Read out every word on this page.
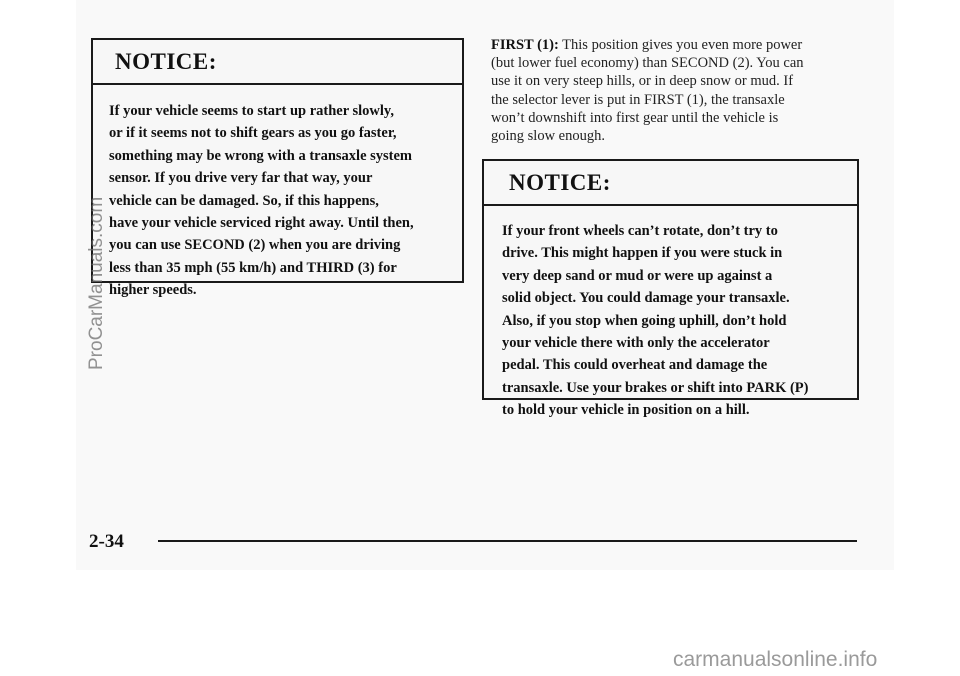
NOTICE:

If your vehicle seems to start up rather slowly,
or if it seems not to shift gears as you go faster,
something may be wrong with a transaxle system
sensor. If you drive very far that way, your
vehicle can be damaged. So, if this happens,
have your vehicle serviced right away. Until then,
you can use SECOND (2) when you are driving
less than 35 mph (55 km/h) and THIRD (3) for
higher speeds.

FIRST (1): This position gives you even more power
(but lower fuel economy) than SECOND (2). You can
use it on very steep hills, or in deep snow or mud. If
the selector lever is put in FIRST (1), the transaxle
won’t downshift into first gear until the vehicle is
going slow enough.

NOTICE:

If your front wheels can’t rotate, don’t try to
drive. This might happen if you were stuck in
very deep sand or mud or were up against a
solid object. You could damage your transaxle.
Also, if you stop when going uphill, don’t hold
your vehicle there with only the accelerator
pedal. This could overheat and damage the
transaxle. Use your brakes or shift into PARK (P)
to hold your vehicle in position on a hill.

2-34
ProCarManuals.com
carmanualsonline.info
